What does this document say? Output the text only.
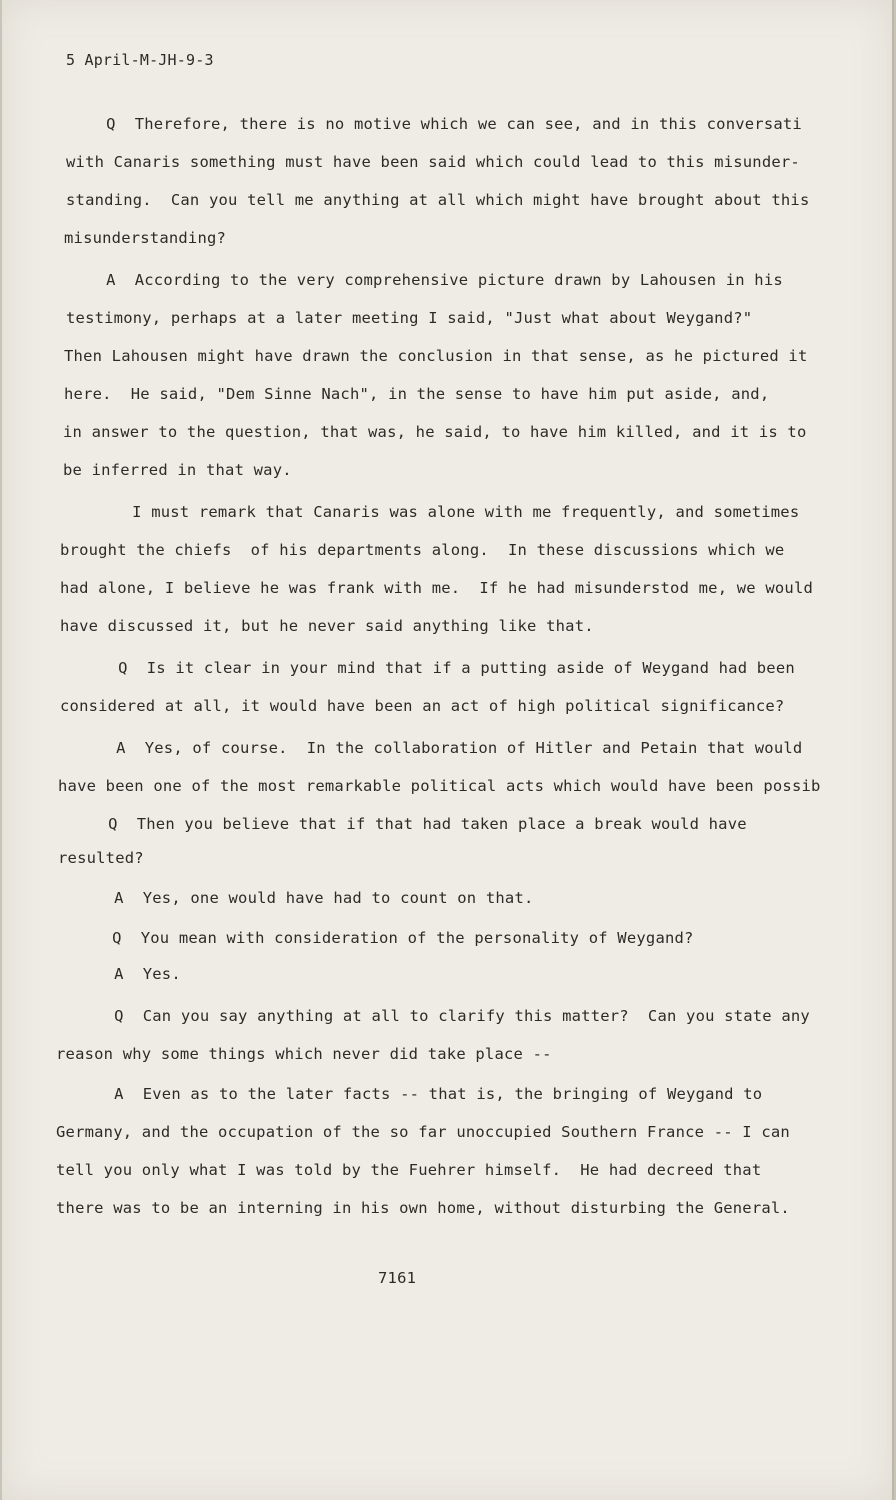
5 April-M-JH-9-3
Q  Therefore, there is no motive which we can see, and in this conversati
with Canaris something must have been said which could lead to this misunder-
standing.  Can you tell me anything at all which might have brought about this
misunderstanding?
A  According to the very comprehensive picture drawn by Lahousen in his
testimony, perhaps at a later meeting I said, "Just what about Weygand?"
Then Lahousen might have drawn the conclusion in that sense, as he pictured it
here.  He said, "Dem Sinne Nach", in the sense to have him put aside, and,
in answer to the question, that was, he said, to have him killed, and it is to
be inferred in that way.
I must remark that Canaris was alone with me frequently, and sometimes
brought the chiefs  of his departments along.  In these discussions which we
had alone, I believe he was frank with me.  If he had misunderstod me, we would
have discussed it, but he never said anything like that.
Q  Is it clear in your mind that if a putting aside of Weygand had been
considered at all, it would have been an act of high political significance?
A  Yes, of course.  In the collaboration of Hitler and Petain that would
have been one of the most remarkable political acts which would have been possib
Q  Then you believe that if that had taken place a break would have
resulted?
A  Yes, one would have had to count on that.
Q  You mean with consideration of the personality of Weygand?
A  Yes.
Q  Can you say anything at all to clarify this matter?  Can you state any
reason why some things which never did take place --
A  Even as to the later facts -- that is, the bringing of Weygand to
Germany, and the occupation of the so far unoccupied Southern France -- I can
tell you only what I was told by the Fuehrer himself.  He had decreed that
there was to be an interning in his own home, without disturbing the General.
7161
